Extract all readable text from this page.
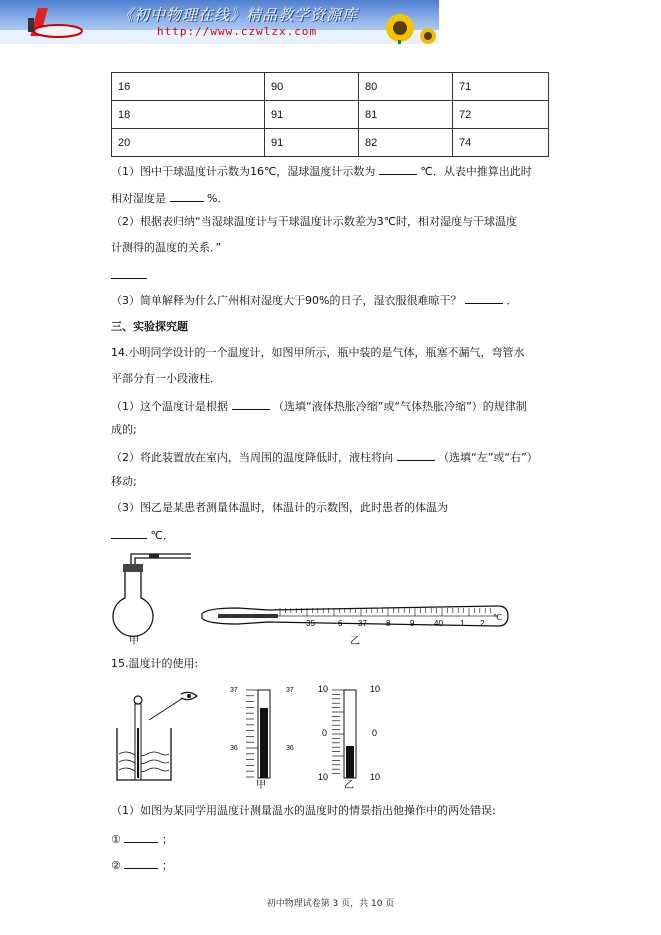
《初中物理在线》精品教学资源库
http://www.czwlzx.com
16	90	80	71
18	91	81	72
20	91	82	74
（1）图中干球温度计示数为16℃，湿球温度计示数为	℃．从表中推算出此时
相对湿度是	%．
（2）根据表归纳“当湿球温度计与干球温度计示数差为3℃时，相对湿度与干球温度
计测得的温度的关系．”
（3）简单解释为什么广州相对湿度大于90%的日子，湿衣服很难晾干？	．
三、实验探究题
14.小明同学设计的一个温度计，如图甲所示，瓶中装的是气体，瓶塞不漏气，弯管水
平部分有一小段液柱．
（1）这个温度计是根据	（选填“液体热胀冷缩”或“气体热胀冷缩”）的规律制
成的;
（2）将此装置放在室内，当周围的温度降低时，液柱将向	（选填“左”或“右”）
移动;
（3）图乙是某患者测量体温时，体温计的示数图，此时患者的体温为
℃．
甲
℃
乙
35	6 37 8 9 40 1 2
15.温度计的使用:
37	37
36	36
甲
10	10
0	0
10	10
乙
（1）如图为某同学用温度计测量温水的温度时的情景指出他操作中的两处错误:
①	；
②	；
初中物理试卷第 3 页，共 10 页
